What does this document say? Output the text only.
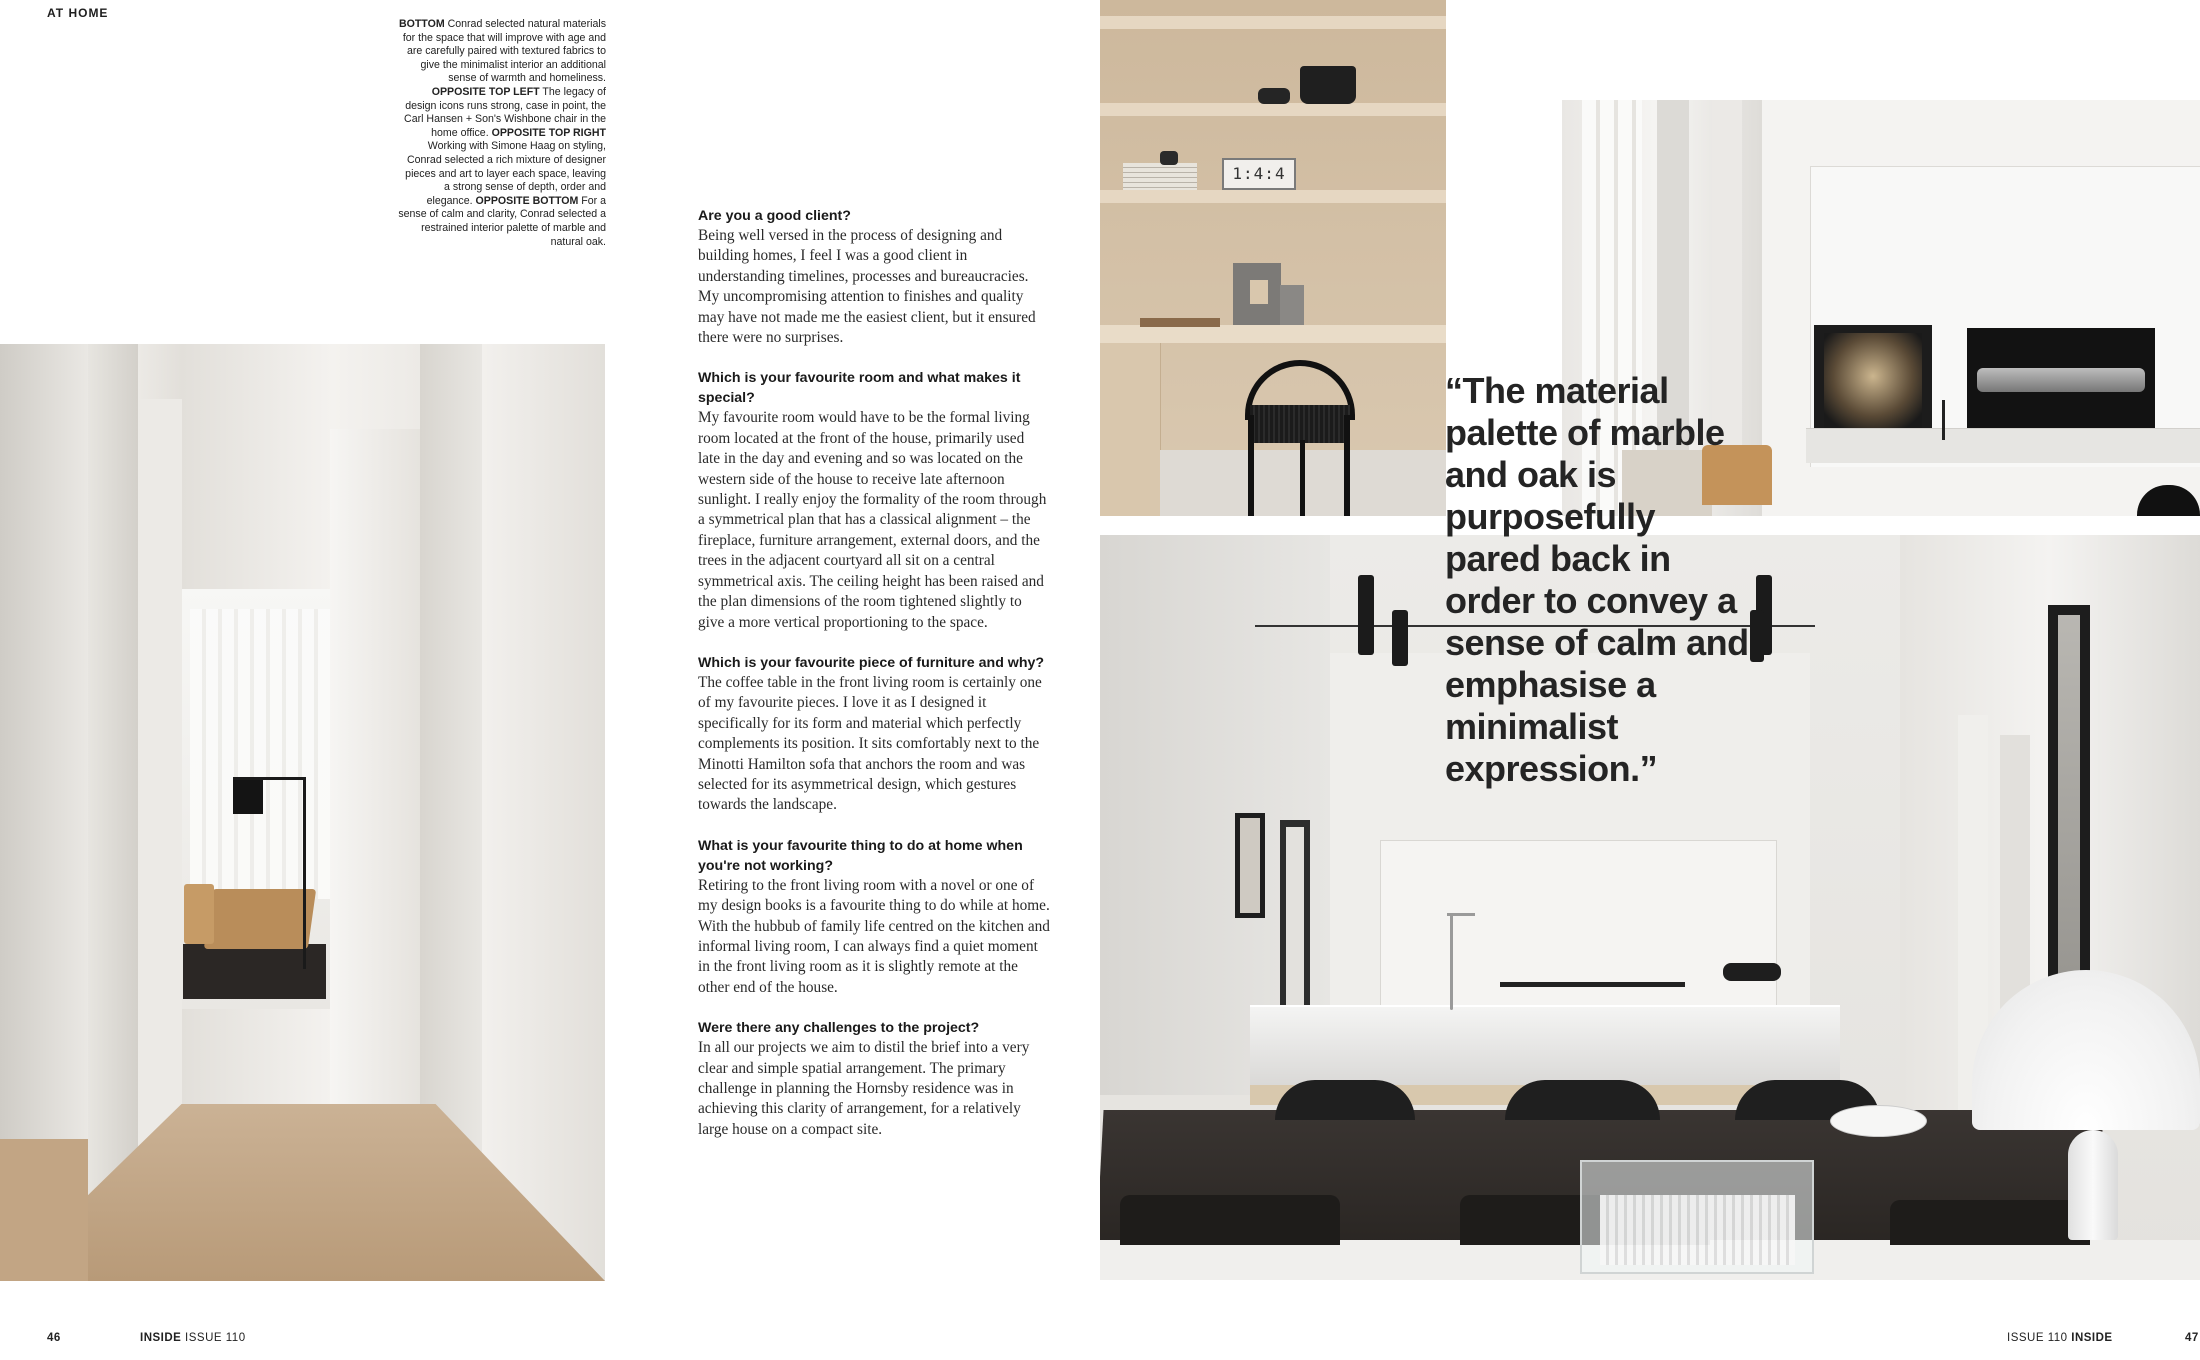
AT HOME
BOTTOM Conrad selected natural materials for the space that will improve with age and are carefully paired with textured fabrics to give the minimalist interior an additional sense of warmth and homeliness. OPPOSITE TOP LEFT The legacy of design icons runs strong, case in point, the Carl Hansen + Son's Wishbone chair in the home office. OPPOSITE TOP RIGHT Working with Simone Haag on styling, Conrad selected a rich mixture of designer pieces and art to layer each space, leaving a strong sense of depth, order and elegance. OPPOSITE BOTTOM For a sense of calm and clarity, Conrad selected a restrained interior palette of marble and natural oak.
Are you a good client?
Being well versed in the process of designing and building homes, I feel I was a good client in understanding timelines, processes and bureaucracies. My uncompromising attention to finishes and quality may have not made me the easiest client, but it ensured there were no surprises.
Which is your favourite room and what makes it special?
My favourite room would have to be the formal living room located at the front of the house, primarily used late in the day and evening and so was located on the western side of the house to receive late afternoon sunlight. I really enjoy the formality of the room through a symmetrical plan that has a classical alignment – the fireplace, furniture arrangement, external doors, and the trees in the adjacent courtyard all sit on a central symmetrical axis. The ceiling height has been raised and the plan dimensions of the room tightened slightly to give a more vertical proportioning to the space.
Which is your favourite piece of furniture and why?
The coffee table in the front living room is certainly one of my favourite pieces. I love it as I designed it specifically for its form and material which perfectly complements its position. It sits comfortably next to the Minotti Hamilton sofa that anchors the room and was selected for its asymmetrical design, which gestures towards the landscape.
What is your favourite thing to do at home when you're not working?
Retiring to the front living room with a novel or one of my design books is a favourite thing to do while at home. With the hubbub of family life centred on the kitchen and informal living room, I can always find a quiet moment in the front living room as it is slightly remote at the other end of the house.
Were there any challenges to the project?
In all our projects we aim to distil the brief into a very clear and simple spatial arrangement. The primary challenge in planning the Hornsby residence was in achieving this clarity of arrangement, for a relatively large house on a compact site.
1:4:4
“The material palette of marble and oak is purposefully pared back in order to convey a sense of calm and emphasise a minimalist expression.”
46	INSIDE ISSUE 110	ISSUE 110 INSIDE	47
